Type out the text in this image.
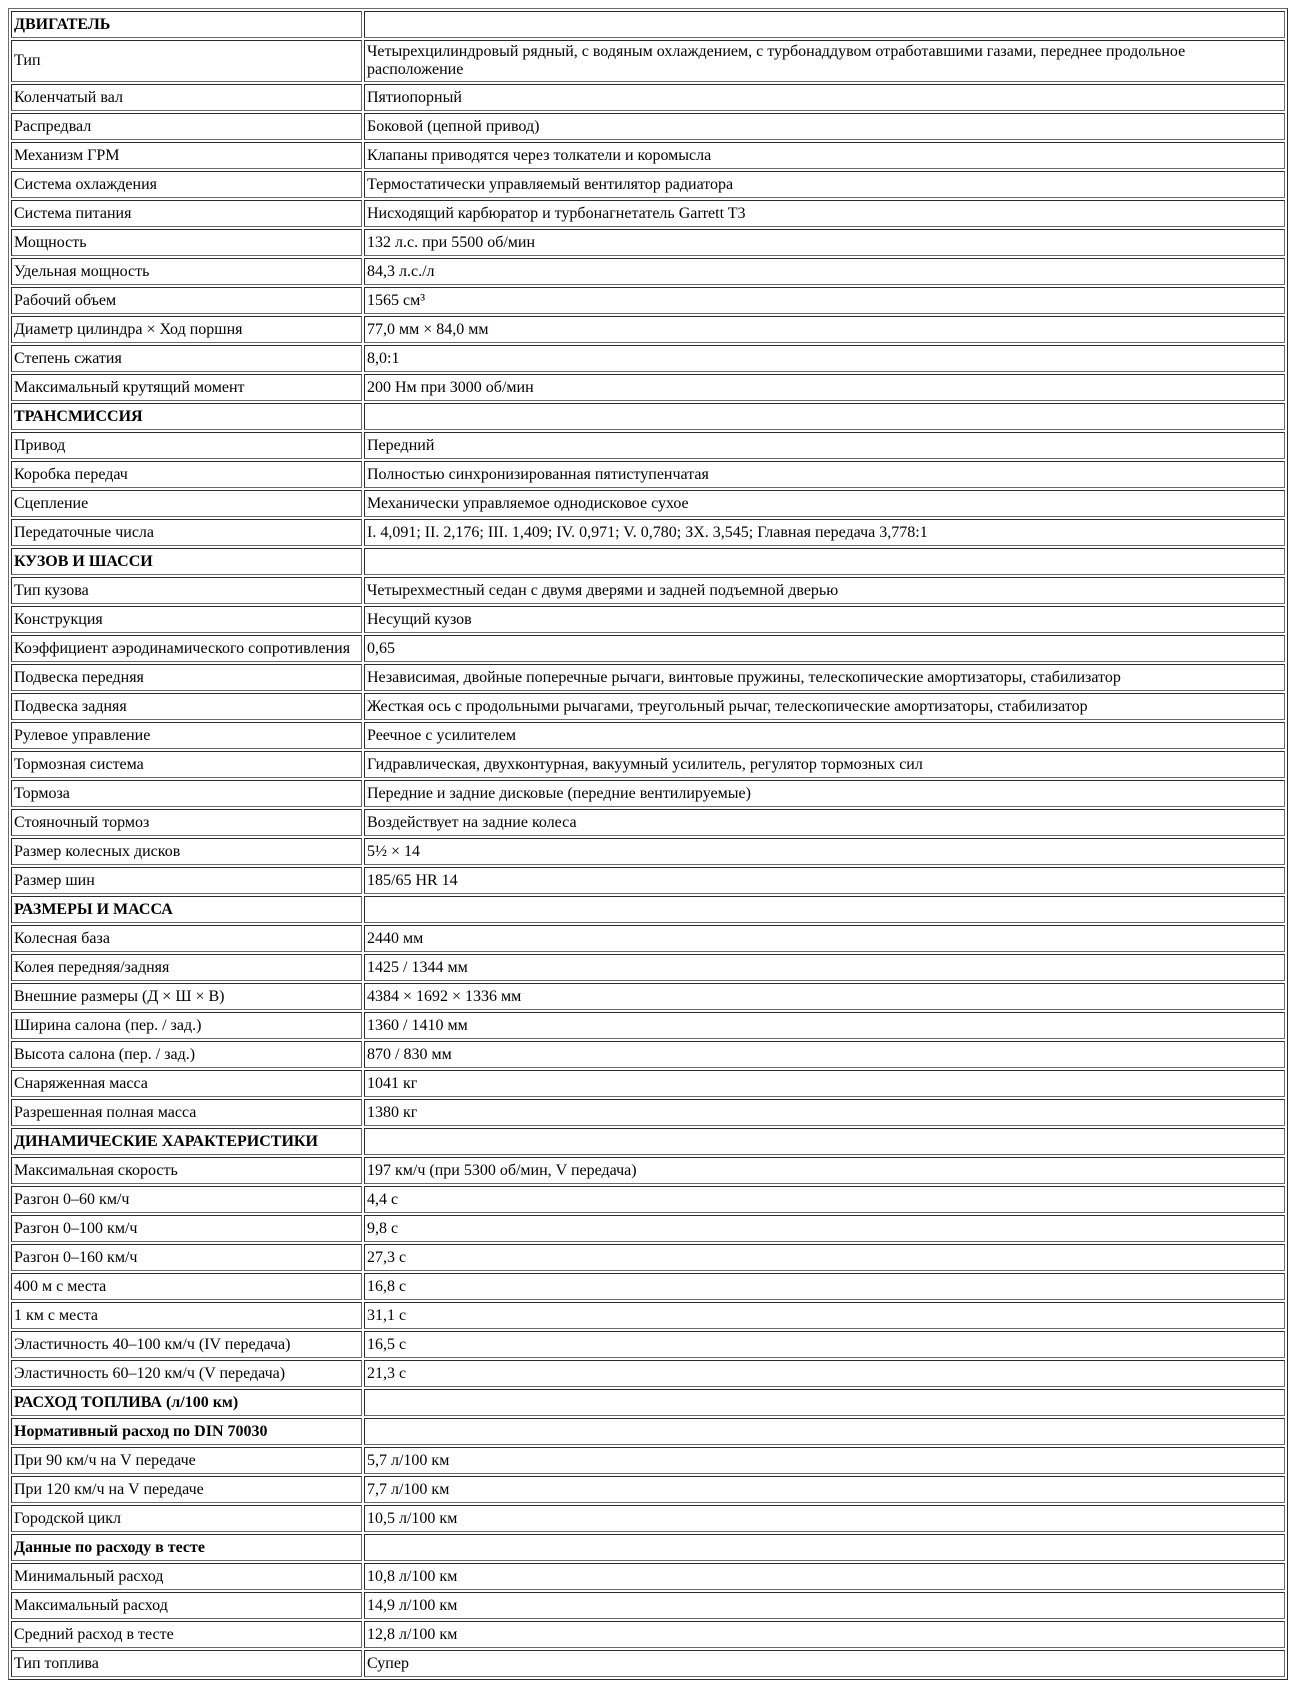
ДВИГАТЕЛЬ	
Тип	Четырехцилиндровый рядный, с водяным охлаждением, с турбонаддувом отработавшими газами, переднее продольное расположение
Коленчатый вал	Пятиопорный
Распредвал	Боковой (цепной привод)
Механизм ГРМ	Клапаны приводятся через толкатели и коромысла
Система охлаждения	Термостатически управляемый вентилятор радиатора
Система питания	Нисходящий карбюратор и турбонагнетатель Garrett T3
Мощность	132 л.с. при 5500 об/мин
Удельная мощность	84,3 л.с./л
Рабочий объем	1565 см³
Диаметр цилиндра × Ход поршня	77,0 мм × 84,0 мм
Степень сжатия	8,0:1
Максимальный крутящий момент	200 Нм при 3000 об/мин
ТРАНСМИССИЯ	
Привод	Передний
Коробка передач	Полностью синхронизированная пятиступенчатая
Сцепление	Механически управляемое однодисковое сухое
Передаточные числа	I. 4,091; II. 2,176; III. 1,409; IV. 0,971; V. 0,780; ЗХ. 3,545; Главная передача 3,778:1
КУЗОВ И ШАССИ	
Тип кузова	Четырехместный седан с двумя дверями и задней подъемной дверью
Конструкция	Несущий кузов
Коэффициент аэродинамического сопротивления	0,65
Подвеска передняя	Независимая, двойные поперечные рычаги, винтовые пружины, телескопические амортизаторы, стабилизатор
Подвеска задняя	Жесткая ось с продольными рычагами, треугольный рычаг, телескопические амортизаторы, стабилизатор
Рулевое управление	Реечное с усилителем
Тормозная система	Гидравлическая, двухконтурная, вакуумный усилитель, регулятор тормозных сил
Тормоза	Передние и задние дисковые (передние вентилируемые)
Стояночный тормоз	Воздействует на задние колеса
Размер колесных дисков	5½ × 14
Размер шин	185/65 HR 14
РАЗМЕРЫ И МАССА	
Колесная база	2440 мм
Колея передняя/задняя	1425 / 1344 мм
Внешние размеры (Д × Ш × В)	4384 × 1692 × 1336 мм
Ширина салона (пер. / зад.)	1360 / 1410 мм
Высота салона (пер. / зад.)	870 / 830 мм
Снаряженная масса	1041 кг
Разрешенная полная масса	1380 кг
ДИНАМИЧЕСКИЕ ХАРАКТЕРИСТИКИ	
Максимальная скорость	197 км/ч (при 5300 об/мин, V передача)
Разгон 0–60 км/ч	4,4 с
Разгон 0–100 км/ч	9,8 с
Разгон 0–160 км/ч	27,3 с
400 м с места	16,8 с
1 км с места	31,1 с
Эластичность 40–100 км/ч (IV передача)	16,5 с
Эластичность 60–120 км/ч (V передача)	21,3 с
РАСХОД ТОПЛИВА (л/100 км)	
Нормативный расход по DIN 70030	
При 90 км/ч на V передаче	5,7 л/100 км
При 120 км/ч на V передаче	7,7 л/100 км
Городской цикл	10,5 л/100 км
Данные по расходу в тесте	
Минимальный расход	10,8 л/100 км
Максимальный расход	14,9 л/100 км
Средний расход в тесте	12,8 л/100 км
Тип топлива	Супер
